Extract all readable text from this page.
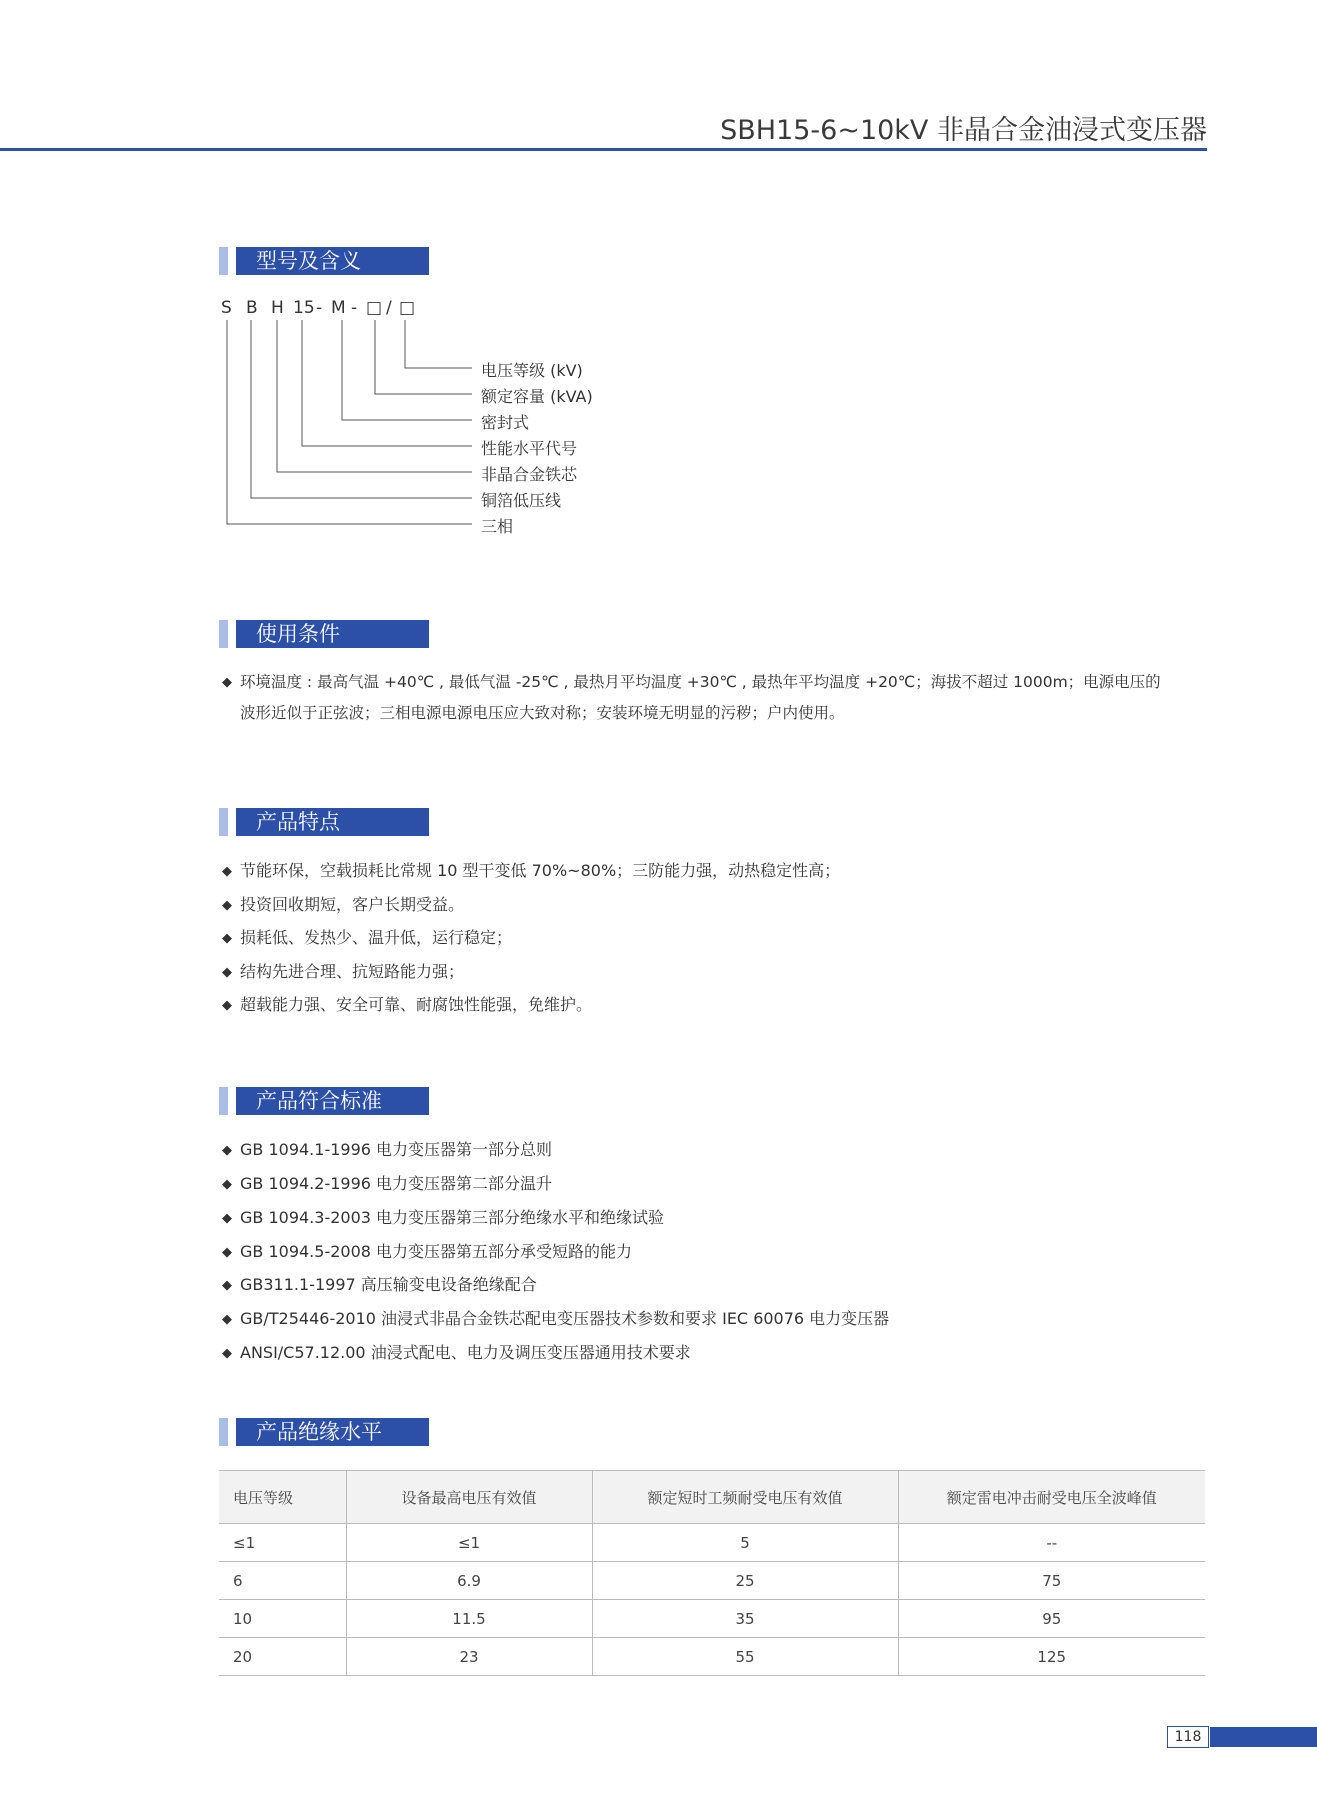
SBH15-6~10kV 非晶合金油浸式变压器
型号及含义
S B H 15 - M - □ / □
电压等级 (kV)
额定容量 (kVA)
密封式
性能水平代号
非晶合金铁芯
铜箔低压线
三相
使用条件
◆ 环境温度 : 最高气温 +40℃ , 最低气温 -25℃ , 最热月平均温度 +30℃ , 最热年平均温度 +20℃；海拔不超过 1000m；电源电压的
波形近似于正弦波；三相电源电源电压应大致对称；安装环境无明显的污秽；户内使用。
产品特点
◆ 节能环保，空载损耗比常规 10 型干变低 70%~80%；三防能力强，动热稳定性高；
◆ 投资回收期短，客户长期受益。
◆ 损耗低、发热少、温升低，运行稳定；
◆ 结构先进合理、抗短路能力强；
◆ 超载能力强、安全可靠、耐腐蚀性能强，免维护。
产品符合标准
◆ GB 1094.1-1996 电力变压器第一部分总则
◆ GB 1094.2-1996 电力变压器第二部分温升
◆ GB 1094.3-2003 电力变压器第三部分绝缘水平和绝缘试验
◆ GB 1094.5-2008 电力变压器第五部分承受短路的能力
◆ GB311.1-1997 高压输变电设备绝缘配合
◆ GB/T25446-2010 油浸式非晶合金铁芯配电变压器技术参数和要求 IEC 60076 电力变压器
◆ ANSI/C57.12.00 油浸式配电、电力及调压变压器通用技术要求
产品绝缘水平
电压等级	设备最高电压有效值	额定短时工频耐受电压有效值	额定雷电冲击耐受电压全波峰值
≤1	≤1	5	--
6	6.9	25	75
10	11.5	35	95
20	23	55	125
118
